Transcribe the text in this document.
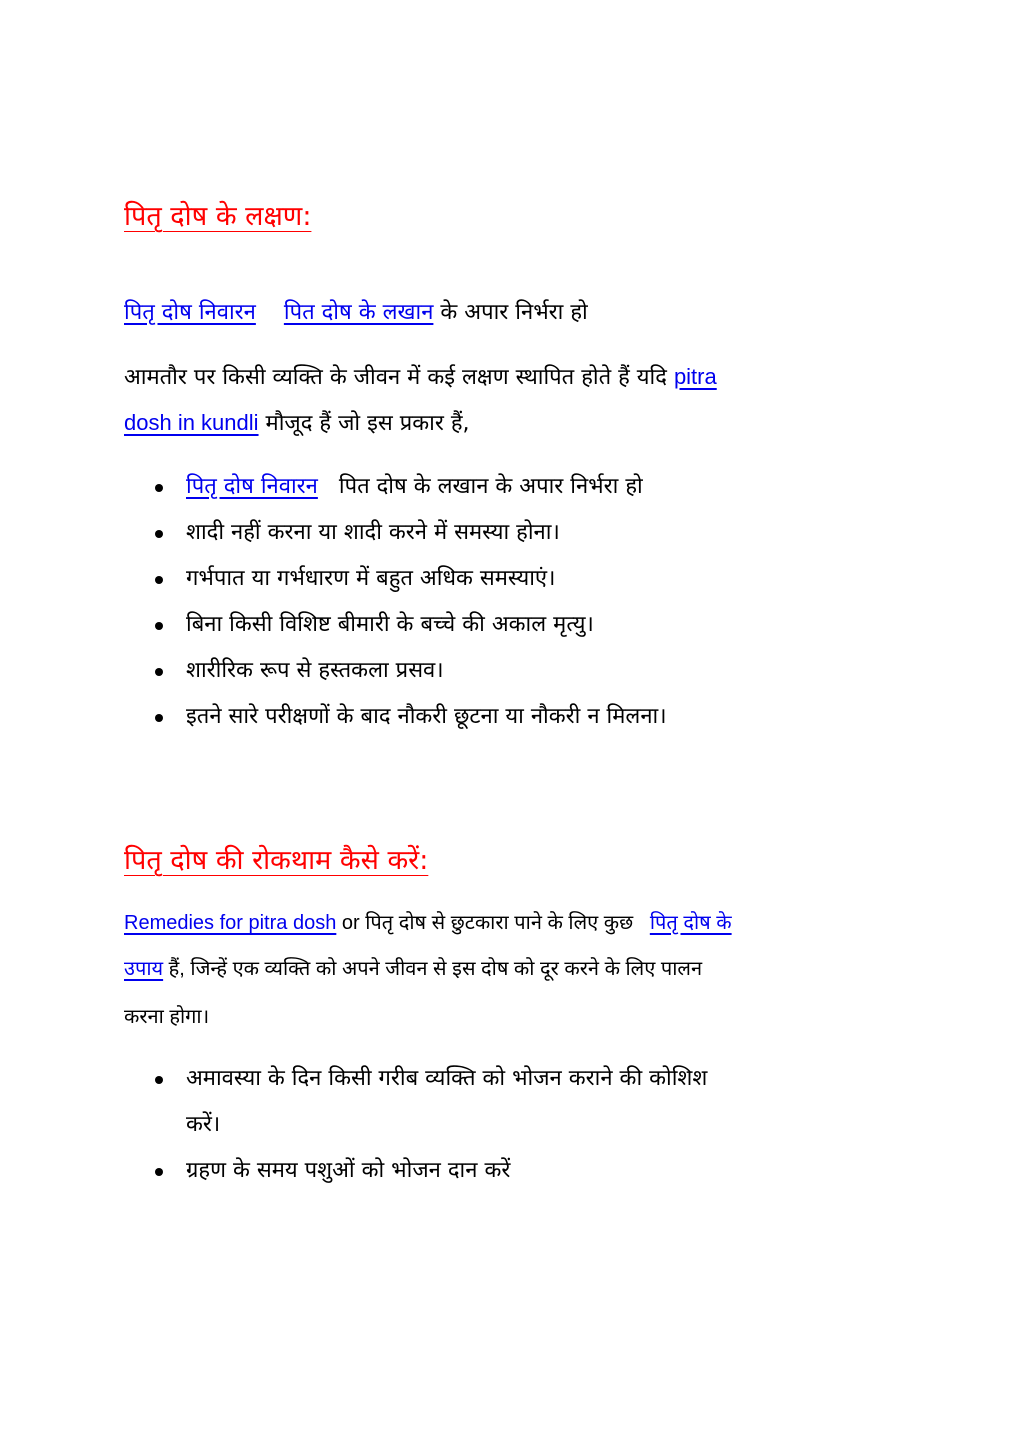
पितृ दोष के लक्षण:
पितृ दोष निवारन पित दोष के लखान के अपार निर्भरा हो
आमतौर पर किसी व्यक्ति के जीवन में कई लक्षण स्थापित होते हैं यदि pitra
dosh in kundli मौजूद हैं जो इस प्रकार हैं,
पितृ दोष निवारन पित दोष के लखान के अपार निर्भरा हो
शादी नहीं करना या शादी करने में समस्या होना।
गर्भपात या गर्भधारण में बहुत अधिक समस्याएं।
बिना किसी विशिष्ट बीमारी के बच्चे की अकाल मृत्यु।
शारीरिक रूप से हस्तकला प्रसव।
इतने सारे परीक्षणों के बाद नौकरी छूटना या नौकरी न मिलना।
पितृ दोष की रोकथाम कैसे करें:
Remedies for pitra dosh or पितृ दोष से छुटकारा पाने के लिए कुछ पितृ दोष के
उपाय हैं, जिन्हें एक व्यक्ति को अपने जीवन से इस दोष को दूर करने के लिए पालन
करना होगा।
अमावस्या के दिन किसी गरीब व्यक्ति को भोजन कराने की कोशिश
करें।
ग्रहण के समय पशुओं को भोजन दान करें
